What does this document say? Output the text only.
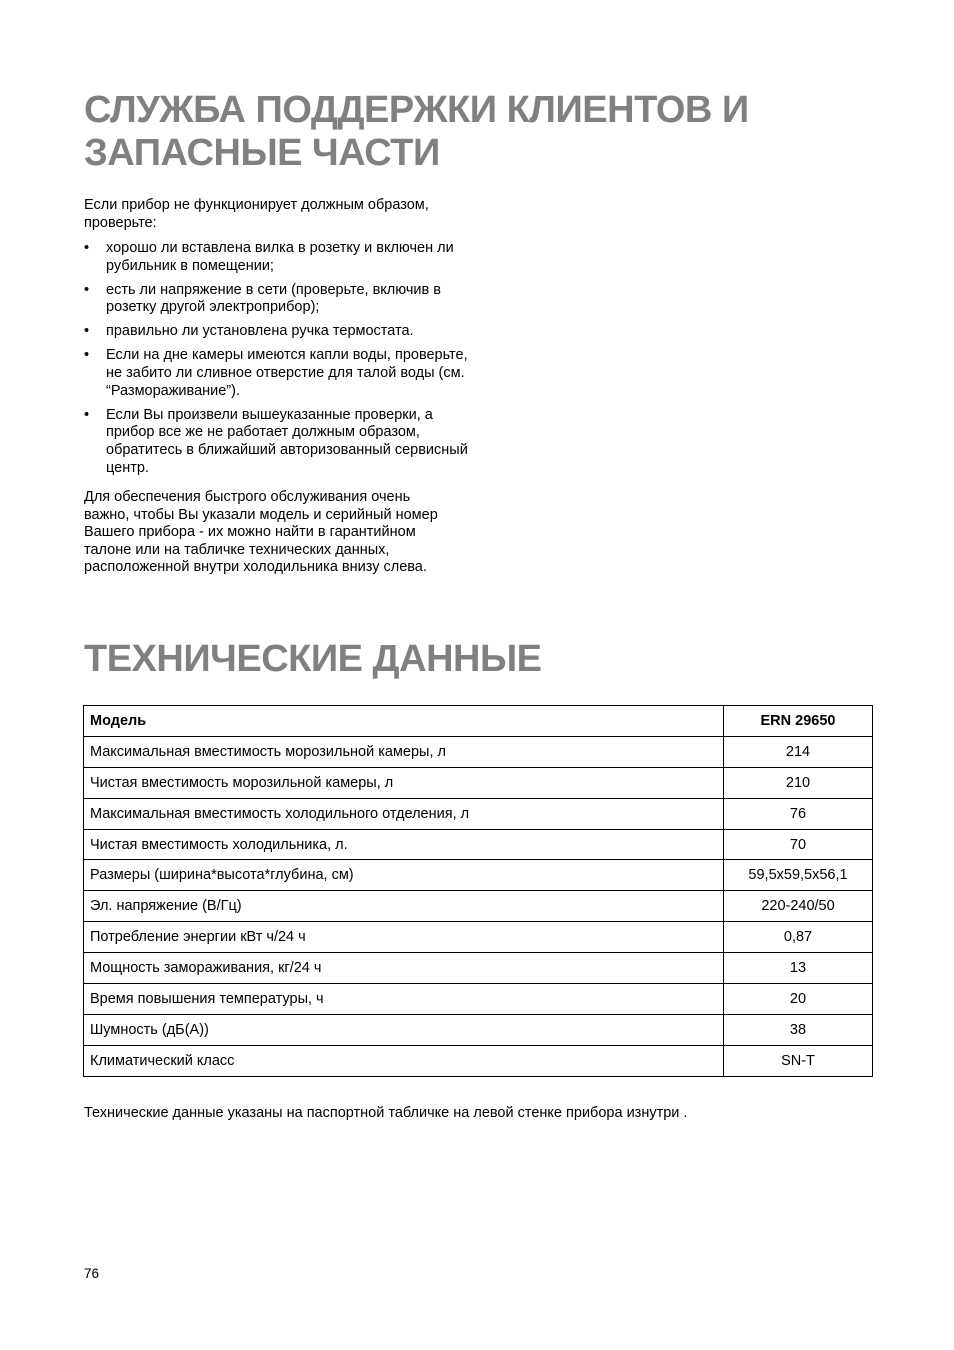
СЛУЖБА ПОДДЕРЖКИ КЛИЕНТОВ И ЗАПАСНЫЕ ЧАСТИ
Если прибор не функционирует должным образом, проверьте:
•	хорошо ли вставлена вилка в розетку и включен ли рубильник в помещении;
•	есть ли напряжение в сети (проверьте, включив в розетку другой электроприбор);
•	правильно ли установлена ручка термостата.
•	Если на дне камеры имеются капли воды, проверьте, не забито ли сливное отверстие для талой воды (см. “Размораживание”).
•	Если Вы произвели вышеуказанные проверки, а прибор все же не работает должным образом, обратитесь в ближайший авторизованный сервисный центр.
Для обеспечения быстрого обслуживания очень важно, чтобы Вы указали модель и серийный номер Вашего прибора - их можно найти в гарантийном талоне или на табличке технических данных, расположенной внутри холодильника внизу слева.
ТЕХНИЧЕСКИЕ ДАННЫЕ
Модель	ERN 29650
Максимальная вместимость морозильной камеры, л	214
Чистая вместимость морозильной камеры, л	210
Максимальная вместимость холодильного отделения, л	76
Чистая вместимость холодильника, л.	70
Размеры (ширина*высота*глубина, см)	59,5x59,5x56,1
Эл. напряжение (В/Гц)	220-240/50
Потребление энергии кВт ч/24 ч	0,87
Мощность замораживания, кг/24 ч	13
Время повышения температуры, ч	20
Шумность (дБ(А))	38
Климатический класс	SN-T
Технические данные указаны на паспортной табличке на левой стенке прибора изнутри .
76
